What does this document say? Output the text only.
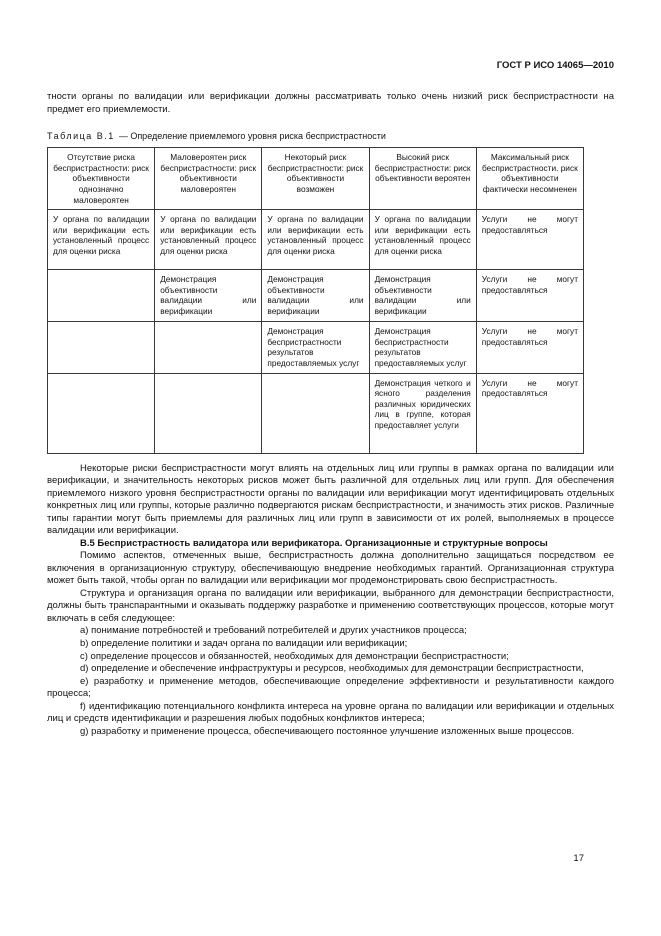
ГОСТ Р ИСО 14065—2010

тности органы по валидации или верификации должны рассматривать только очень низкий риск беспристрастности на предмет его приемлемости.

Таблица В.1 — Определение приемлемого уровня риска беспристрастности

Отсутствие риска беспристрастности: риск объективности однозначно маловероятен	Маловероятен риск беспристрастности: риск объективности маловероятен	Некоторый риск беспристрастности: риск объективности возможен	Высокий риск беспристрастности: риск объективности вероятен	Максимальный риск беспристрастности. риск объективности фактически несомненен
У органа по валидации или верификации есть установленный процесс для оценки риска	У органа по валидации или верификации есть установленный процесс для оценки риска	У органа по валидации или верификации есть установленный процесс для оценки риска	У органа по валидации или верификации есть установленный процесс для оценки риска	Услуги не могут предоставляться
	Демонстрация объективности валидации или верификации	Демонстрация объективности валидации или верификации	Демонстрация объективности валидации или верификации	Услуги не могут предоставляться
		Демонстрация беспристрастности результатов предоставляемых услуг	Демонстрация беспристрастности результатов предоставляемых услуг	Услуги не могут предоставляться
			Демонстрация четкого и ясного разделения различных юридических лиц в группе, которая предоставляет услуги	Услуги не могут предоставляться

Некоторые риски беспристрастности могут влиять на отдельных лиц или группы в рамках органа по валидации или верификации, и значительность некоторых рисков может быть различной для отдельных лиц или групп. Для обеспечения приемлемого низкого уровня беспристрастности органы по валидации или верификации могут идентифицировать отдельных конкретных лиц или группы, которые различно подвергаются рискам беспристрастности, и значимость этих рисков. Различные типы гарантии могут быть приемлемы для различных лиц или групп в зависимости от их ролей, выполняемых в процессе валидации или верификации.

В.5 Беспристрастность валидатора или верификатора. Организационные и структурные вопросы

Помимо аспектов, отмеченных выше, беспристрастность должна дополнительно защищаться посредством ее включения в организационную структуру, обеспечивающую внедрение необходимых гарантий. Организационная структура может быть такой, чтобы орган по валидации или верификации мог продемонстрировать свою беспристрастность.

Структура и организация органа по валидации или верификации, выбранного для демонстрации беспристрастности, должны быть транспарантными и оказывать поддержку разработке и применению соответствующих процессов, которые могут включать в себя следующее:

a) понимание потребностей и требований потребителей и других участников процесса;

b) определение политики и задач органа по валидации или верификации;

c) определение процессов и обязанностей, необходимых для демонстрации беспристрастности;

d) определение и обеспечение инфраструктуры и ресурсов, необходимых для демонстрации беспристрастности,

e) разработку и применение методов, обеспечивающие определение эффективности и результативности каждого процесса;

f) идентификацию потенциального конфликта интереса на уровне органа по валидации или верификации и отдельных лиц и средств идентификации и разрешения любых подобных конфликтов интереса;

g) разработку и применение процесса, обеспечивающего постоянное улучшение изложенных выше процессов.

17
